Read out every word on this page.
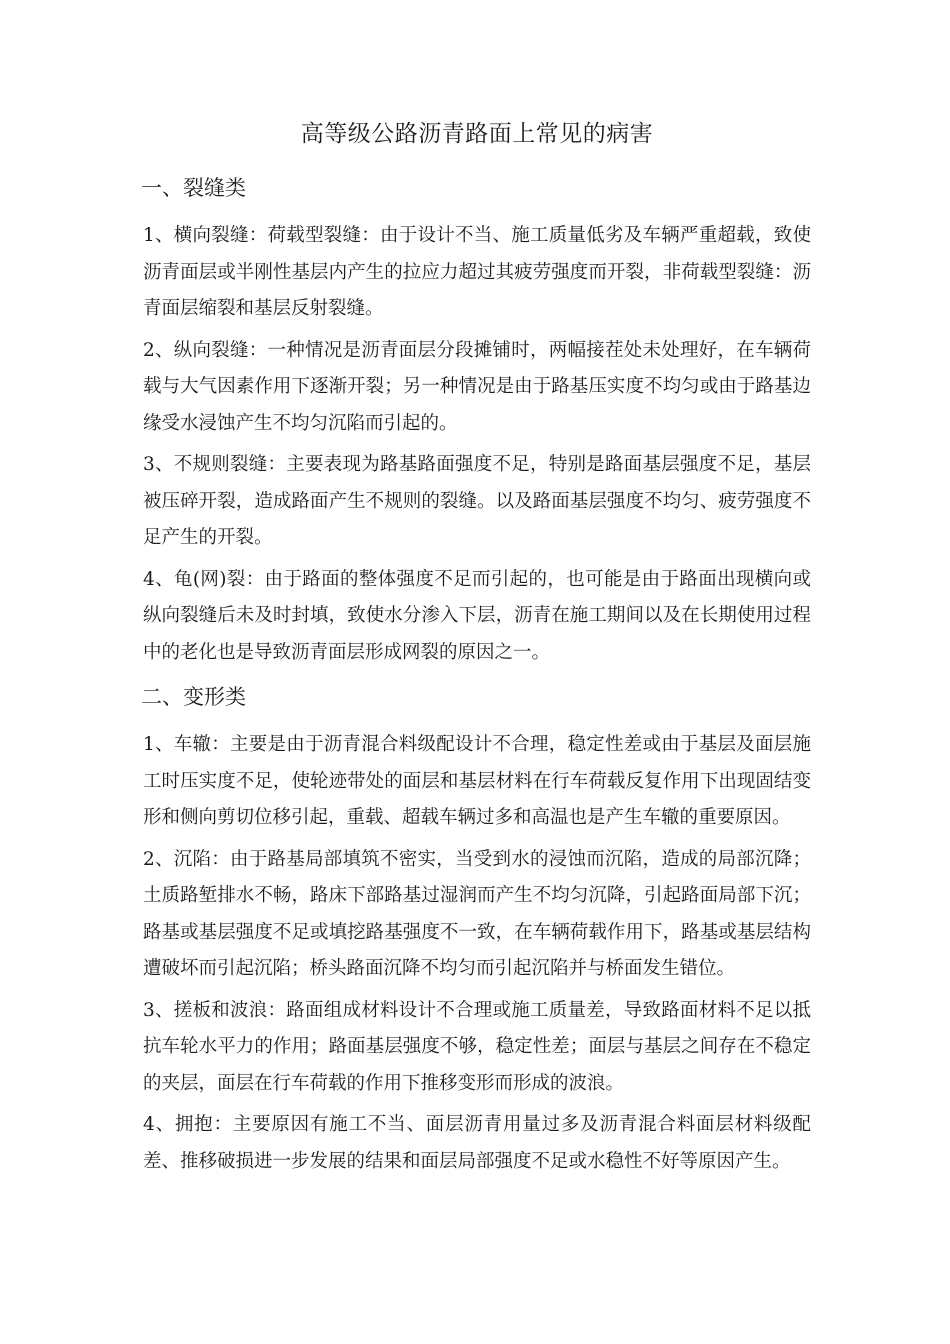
高等级公路沥青路面上常见的病害
一、裂缝类

1、横向裂缝：荷载型裂缝：由于设计不当、施工质量低劣及车辆严重超载，致使沥青面层或半刚性基层内产生的拉应力超过其疲劳强度而开裂，非荷载型裂缝：沥青面层缩裂和基层反射裂缝。

2、纵向裂缝：一种情况是沥青面层分段摊铺时，两幅接茬处未处理好，在车辆荷载与大气因素作用下逐渐开裂；另一种情况是由于路基压实度不均匀或由于路基边缘受水浸蚀产生不均匀沉陷而引起的。

3、不规则裂缝：主要表现为路基路面强度不足，特别是路面基层强度不足，基层被压碎开裂，造成路面产生不规则的裂缝。以及路面基层强度不均匀、疲劳强度不足产生的开裂。

4、龟(网)裂：由于路面的整体强度不足而引起的，也可能是由于路面出现横向或纵向裂缝后未及时封填，致使水分渗入下层，沥青在施工期间以及在长期使用过程中的老化也是导致沥青面层形成网裂的原因之一。

二、变形类

1、车辙：主要是由于沥青混合料级配设计不合理，稳定性差或由于基层及面层施工时压实度不足，使轮迹带处的面层和基层材料在行车荷载反复作用下出现固结变形和侧向剪切位移引起，重载、超载车辆过多和高温也是产生车辙的重要原因。

2、沉陷：由于路基局部填筑不密实，当受到水的浸蚀而沉陷，造成的局部沉降；土质路堑排水不畅，路床下部路基过湿润而产生不均匀沉降，引起路面局部下沉；路基或基层强度不足或填挖路基强度不一致，在车辆荷载作用下，路基或基层结构遭破坏而引起沉陷；桥头路面沉降不均匀而引起沉陷并与桥面发生错位。

3、搓板和波浪：路面组成材料设计不合理或施工质量差，导致路面材料不足以抵抗车轮水平力的作用；路面基层强度不够，稳定性差；面层与基层之间存在不稳定的夹层，面层在行车荷载的作用下推移变形而形成的波浪。

4、拥抱：主要原因有施工不当、面层沥青用量过多及沥青混合料面层材料级配差、推移破损进一步发展的结果和面层局部强度不足或水稳性不好等原因产生。
